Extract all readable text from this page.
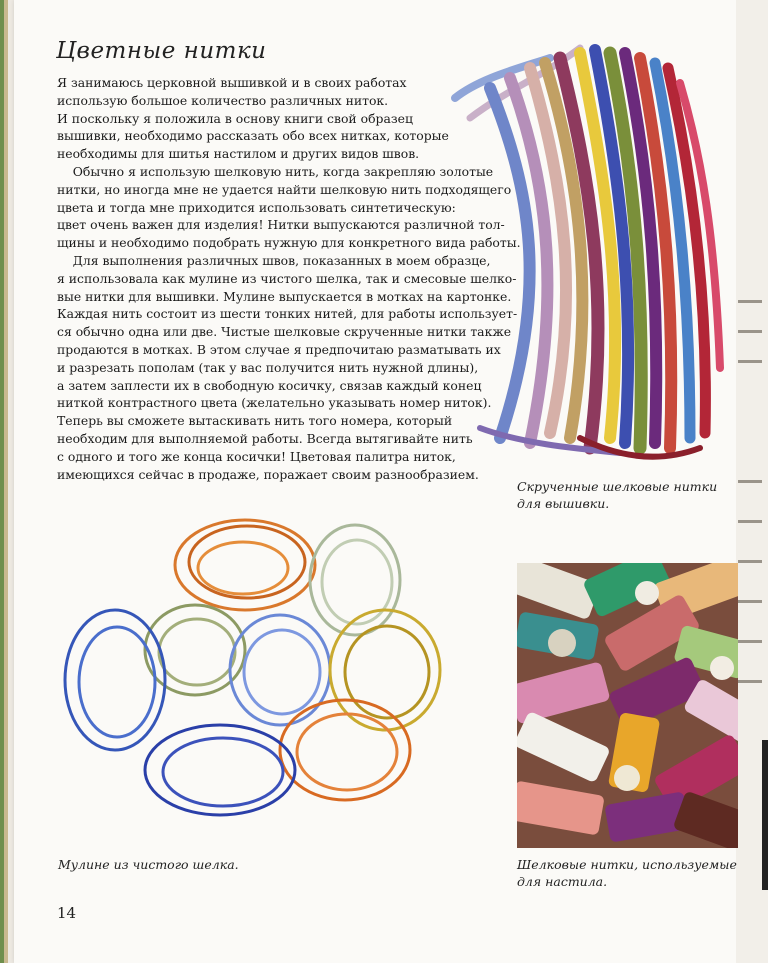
Цветные нитки
Я занимаюсь церковной вышивкой и в своих работах
использую большое количество различных ниток.
И поскольку я положила в основу книги свой образец
вышивки, необходимо рассказать обо всех нитках, которые
необходимы для шитья настилом и других видов швов.
Обычно я использую шелковую нить, когда закрепляю золотые
нитки, но иногда мне не удается найти шелковую нить подходящего
цвета и тогда мне приходится использовать синтетическую:
цвет очень важен для изделия! Нитки выпускаются различной тол-
щины и необходимо подобрать нужную для конкретного вида работы.
Для выполнения различных швов, показанных в моем образце,
я использовала как мулине из чистого шелка, так и смесовые шелко-
вые нитки для вышивки. Мулине выпускается в мотках на картонке.
Каждая нить состоит из шести тонких нитей, для работы использует-
ся обычно одна или две. Чистые шелковые скрученные нитки также
продаются в мотках. В этом случае я предпочитаю разматывать их
и разрезать пополам (так у вас получится нить нужной длины),
а затем заплести их в свободную косичку, связав каждый конец
ниткой контрастного цвета (желательно указывать номер ниток).
Теперь вы сможете вытаскивать нить того номера, который
необходим для выполняемой работы. Всегда вытягивайте нить
с одного и того же конца косички! Цветовая палитра ниток,
имеющихся сейчас в продаже, поражает своим разнообразием.
Скрученные шелковые нитки
для вышивки.
Мулине из чистого шелка.	Шелковые нитки, используемые
для настила.
14
